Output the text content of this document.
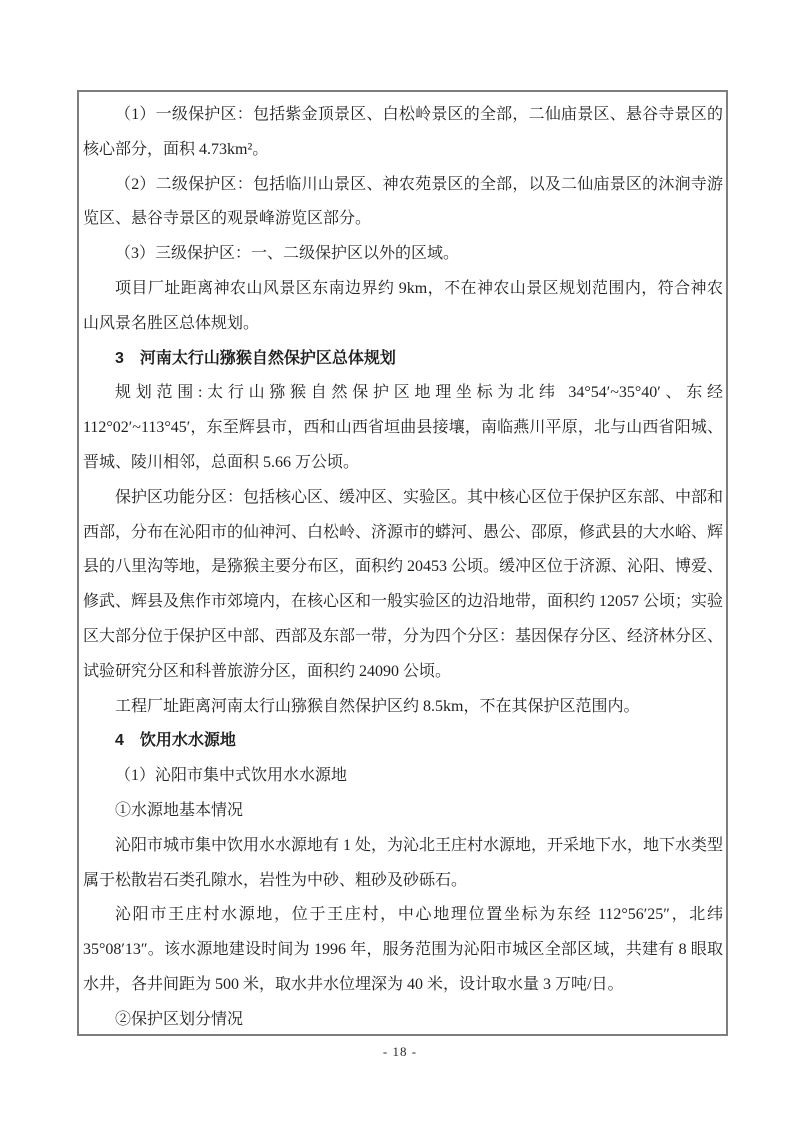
（1）一级保护区：包括紫金顶景区、白松岭景区的全部，二仙庙景区、悬谷寺景区的核心部分，面积 4.73km²。

（2）二级保护区：包括临川山景区、神农苑景区的全部，以及二仙庙景区的沐涧寺游览区、悬谷寺景区的观景峰游览区部分。

（3）三级保护区：一、二级保护区以外的区域。

项目厂址距离神农山风景区东南边界约 9km，不在神农山景区规划范围内，符合神农山风景名胜区总体规划。

3　河南太行山猕猴自然保护区总体规划

规划范围:太行山猕猴自然保护区地理坐标为北纬 34°54′~35°40′、东经 112°02′~113°45′，东至辉县市，西和山西省垣曲县接壤，南临燕川平原，北与山西省阳城、晋城、陵川相邻，总面积 5.66 万公顷。

保护区功能分区：包括核心区、缓冲区、实验区。其中核心区位于保护区东部、中部和西部，分布在沁阳市的仙神河、白松岭、济源市的蟒河、愚公、邵原，修武县的大水峪、辉县的八里沟等地，是猕猴主要分布区，面积约 20453 公顷。缓冲区位于济源、沁阳、博爱、修武、辉县及焦作市郊境内，在核心区和一般实验区的边沿地带，面积约 12057 公顷；实验区大部分位于保护区中部、西部及东部一带，分为四个分区：基因保存分区、经济林分区、试验研究分区和科普旅游分区，面积约 24090 公顷。

工程厂址距离河南太行山猕猴自然保护区约 8.5km，不在其保护区范围内。

4　饮用水水源地

（1）沁阳市集中式饮用水水源地

①水源地基本情况

沁阳市城市集中饮用水水源地有 1 处，为沁北王庄村水源地，开采地下水，地下水类型属于松散岩石类孔隙水，岩性为中砂、粗砂及砂砾石。

沁阳市王庄村水源地，位于王庄村，中心地理位置坐标为东经 112°56′25″，北纬 35°08′13″。该水源地建设时间为 1996 年，服务范围为沁阳市城区全部区域，共建有 8 眼取水井，各井间距为 500 米，取水井水位埋深为 40 米，设计取水量 3 万吨/日。

②保护区划分情况

- 18 -
